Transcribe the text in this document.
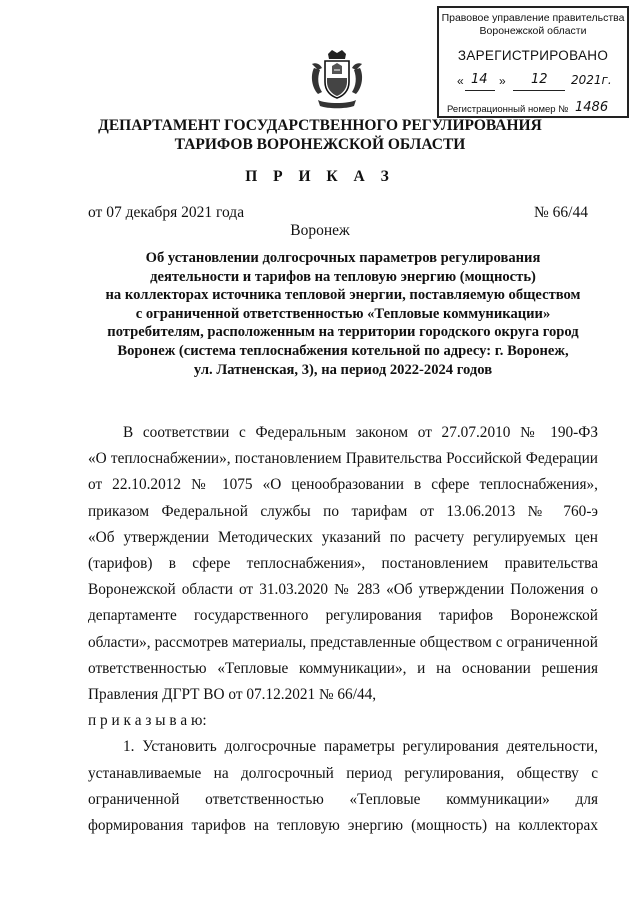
Правовое управление правительства
Воронежской области
ЗАРЕГИСТРИРОВАНО
« 14 » 12 2021г.
Регистрационный номер № 1486
ДЕПАРТАМЕНТ ГОСУДАРСТВЕННОГО РЕГУЛИРОВАНИЯ
ТАРИФОВ ВОРОНЕЖСКОЙ ОБЛАСТИ
П Р И К А З
от 07 декабря 2021 года	№ 66/44
Воронеж
Об установлении долгосрочных параметров регулирования
деятельности и тарифов на тепловую энергию (мощность)
на коллекторах источника тепловой энергии, поставляемую обществом
с ограниченной ответственностью «Тепловые коммуникации»
потребителям, расположенным на территории городского округа город
Воронеж (система теплоснабжения котельной по адресу: г. Воронеж,
ул. Латненская, 3), на период 2022-2024 годов
В соответствии с Федеральным законом от 27.07.2010 № 190-ФЗ
«О теплоснабжении», постановлением Правительства Российской Федерации
от 22.10.2012 № 1075 «О ценообразовании в сфере теплоснабжения»,
приказом Федеральной службы по тарифам от 13.06.2013 № 760-э
«Об утверждении Методических указаний по расчету регулируемых цен
(тарифов) в сфере теплоснабжения», постановлением правительства
Воронежской области от 31.03.2020 № 283 «Об утверждении Положения о
департаменте государственного регулирования тарифов Воронежской
области», рассмотрев материалы, представленные обществом с ограниченной
ответственностью «Тепловые коммуникации», и на основании решения
Правления ДГРТ ВО от 07.12.2021 № 66/44,
п р и к а з ы в а ю:
1. Установить долгосрочные параметры регулирования деятельности,
устанавливаемые на долгосрочный период регулирования, обществу с
ограниченной ответственностью «Тепловые коммуникации» для
формирования тарифов на тепловую энергию (мощность) на коллекторах
